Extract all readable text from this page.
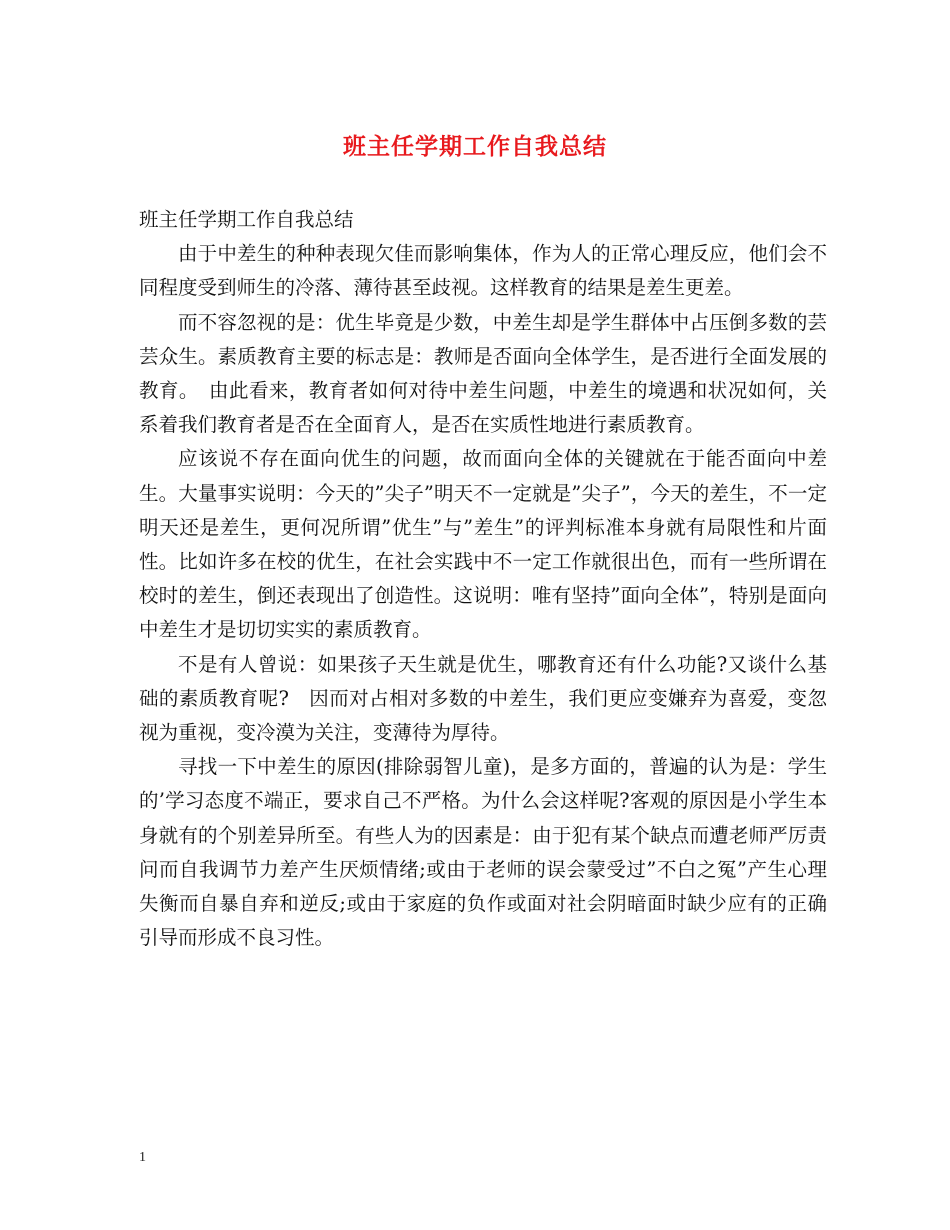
班主任学期工作自我总结

班主任学期工作自我总结

由于中差生的种种表现欠佳而影响集体，作为人的正常心理反应，他们会不同程度受到师生的冷落、薄待甚至歧视。这样教育的结果是差生更差。

而不容忽视的是：优生毕竟是少数，中差生却是学生群体中占压倒多数的芸芸众生。素质教育主要的标志是：教师是否面向全体学生，是否进行全面发展的教育。　由此看来，教育者如何对待中差生问题，中差生的境遇和状况如何，关系着我们教育者是否在全面育人，是否在实质性地进行素质教育。

应该说不存在面向优生的问题，故而面向全体的关键就在于能否面向中差生。大量事实说明：今天的”尖子”明天不一定就是”尖子”，今天的差生，不一定明天还是差生，更何况所谓”优生”与”差生”的评判标准本身就有局限性和片面性。比如许多在校的优生，在社会实践中不一定工作就很出色，而有一些所谓在校时的差生，倒还表现出了创造性。这说明：唯有坚持”面向全体”，特别是面向中差生才是切切实实的素质教育。

不是有人曾说：如果孩子天生就是优生，哪教育还有什么功能?又谈什么基础的素质教育呢?　因而对占相对多数的中差生，我们更应变嫌弃为喜爱，变忽视为重视，变冷漠为关注，变薄待为厚待。

寻找一下中差生的原因(排除弱智儿童)，是多方面的，普遍的认为是：学生的’学习态度不端正，要求自己不严格。为什么会这样呢?客观的原因是小学生本身就有的个别差异所至。有些人为的因素是：由于犯有某个缺点而遭老师严厉责问而自我调节力差产生厌烦情绪;或由于老师的误会蒙受过”不白之冤”产生心理失衡而自暴自弃和逆反;或由于家庭的负作或面对社会阴暗面时缺少应有的正确引导而形成不良习性。

1
